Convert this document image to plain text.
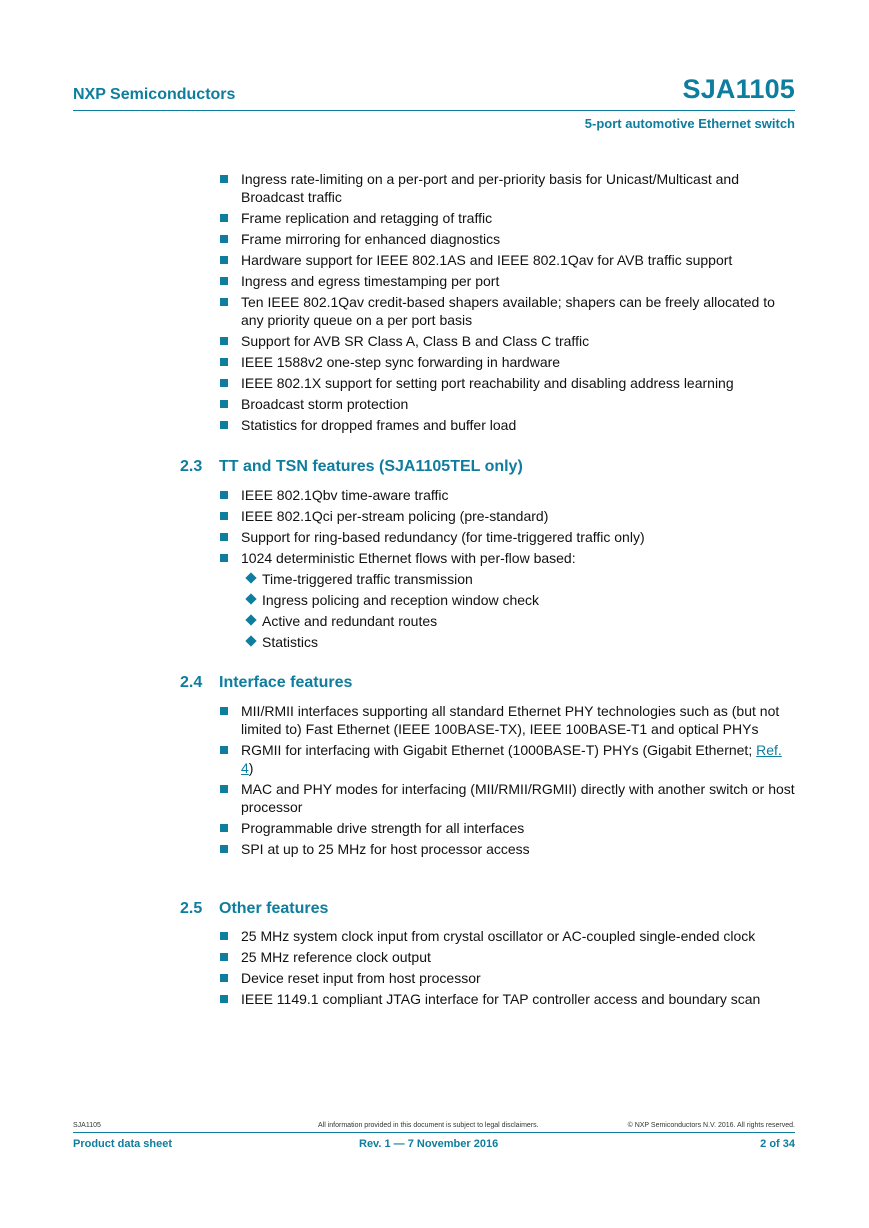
NXP Semiconductors	SJA1105
5-port automotive Ethernet switch
Ingress rate-limiting on a per-port and per-priority basis for Unicast/Multicast and Broadcast traffic
Frame replication and retagging of traffic
Frame mirroring for enhanced diagnostics
Hardware support for IEEE 802.1AS and IEEE 802.1Qav for AVB traffic support
Ingress and egress timestamping per port
Ten IEEE 802.1Qav credit-based shapers available; shapers can be freely allocated to any priority queue on a per port basis
Support for AVB SR Class A, Class B and Class C traffic
IEEE 1588v2 one-step sync forwarding in hardware
IEEE 802.1X support for setting port reachability and disabling address learning
Broadcast storm protection
Statistics for dropped frames and buffer load
2.3 TT and TSN features (SJA1105TEL only)
IEEE 802.1Qbv time-aware traffic
IEEE 802.1Qci per-stream policing (pre-standard)
Support for ring-based redundancy (for time-triggered traffic only)
1024 deterministic Ethernet flows with per-flow based:
Time-triggered traffic transmission
Ingress policing and reception window check
Active and redundant routes
Statistics
2.4 Interface features
MII/RMII interfaces supporting all standard Ethernet PHY technologies such as (but not limited to) Fast Ethernet (IEEE 100BASE-TX), IEEE 100BASE-T1 and optical PHYs
RGMII for interfacing with Gigabit Ethernet (1000BASE-T) PHYs (Gigabit Ethernet; Ref. 4)
MAC and PHY modes for interfacing (MII/RMII/RGMII) directly with another switch or host processor
Programmable drive strength for all interfaces
SPI at up to 25 MHz for host processor access
2.5 Other features
25 MHz system clock input from crystal oscillator or AC-coupled single-ended clock
25 MHz reference clock output
Device reset input from host processor
IEEE 1149.1 compliant JTAG interface for TAP controller access and boundary scan
SJA1105	All information provided in this document is subject to legal disclaimers.	© NXP Semiconductors N.V. 2016. All rights reserved.
Product data sheet	Rev. 1 — 7 November 2016	2 of 34
